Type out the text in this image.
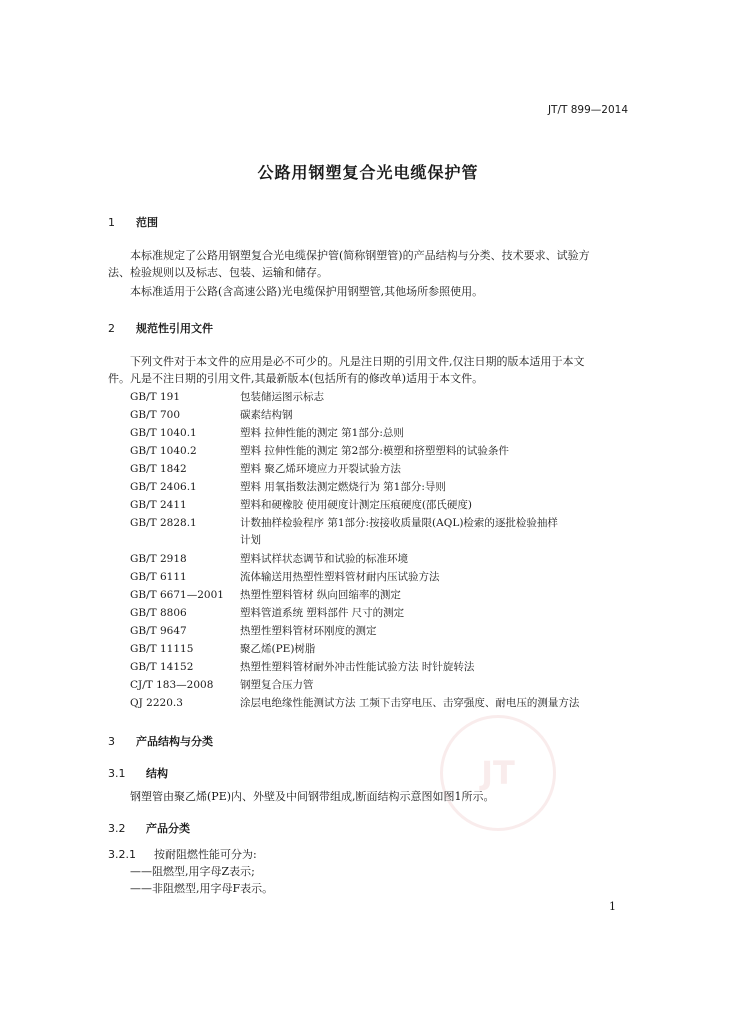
JT
JT/T 899—2014
公路用钢塑复合光电缆保护管
1 范围
本标准规定了公路用钢塑复合光电缆保护管(简称钢塑管)的产品结构与分类、技术要求、试验方
法、检验规则以及标志、包装、运输和储存。
本标准适用于公路(含高速公路)光电缆保护用钢塑管,其他场所参照使用。
2 规范性引用文件
下列文件对于本文件的应用是必不可少的。凡是注日期的引用文件,仅注日期的版本适用于本文
件。凡是不注日期的引用文件,其最新版本(包括所有的修改单)适用于本文件。
GB/T 191	包装储运图示标志
GB/T 700	碳素结构钢
GB/T 1040.1	塑料 拉伸性能的测定 第1部分:总则
GB/T 1040.2	塑料 拉伸性能的测定 第2部分:模塑和挤塑塑料的试验条件
GB/T 1842	塑料 聚乙烯环境应力开裂试验方法
GB/T 2406.1	塑料 用氧指数法测定燃烧行为 第1部分:导则
GB/T 2411	塑料和硬橡胶 使用硬度计测定压痕硬度(邵氏硬度)
GB/T 2828.1	计数抽样检验程序 第1部分:按接收质量限(AQL)检索的逐批检验抽样
计划
GB/T 2918	塑料试样状态调节和试验的标准环境
GB/T 6111	流体输送用热塑性塑料管材耐内压试验方法
GB/T 6671—2001 热塑性塑料管材 纵向回缩率的测定
GB/T 8806	塑料管道系统 塑料部件 尺寸的测定
GB/T 9647	热塑性塑料管材环刚度的测定
GB/T 11115	聚乙烯(PE)树脂
GB/T 14152	热塑性塑料管材耐外冲击性能试验方法 时针旋转法
CJ/T 183—2008	钢塑复合压力管
QJ 2220.3	涂层电绝缘性能测试方法 工频下击穿电压、击穿强度、耐电压的测量方法
3 产品结构与分类
3.1 结构
钢塑管由聚乙烯(PE)内、外壁及中间钢带组成,断面结构示意图如图1所示。
3.2 产品分类
3.2.1 按耐阻燃性能可分为:
——阻燃型,用字母Z表示;
——非阻燃型,用字母F表示。
1
